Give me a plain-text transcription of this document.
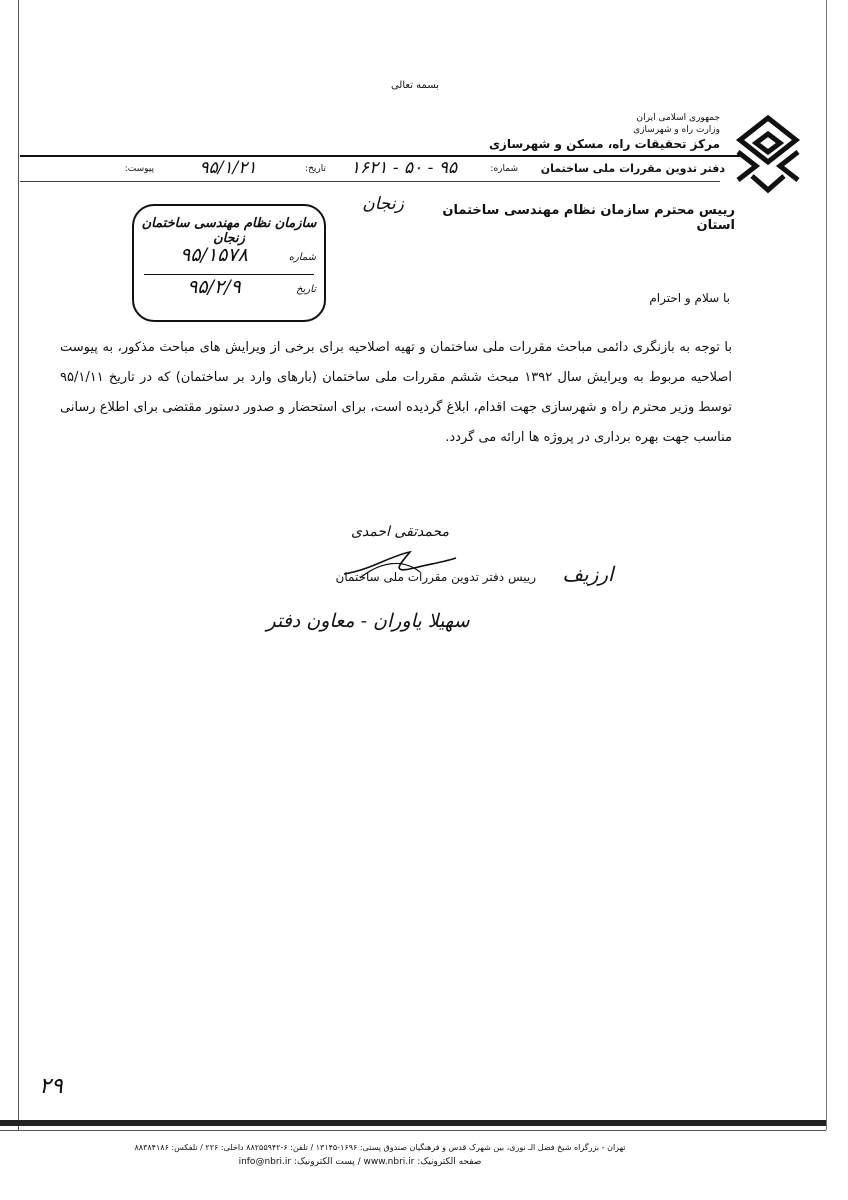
بسمه تعالی
جمهوری اسلامی ایران
وزارت راه و شهرسازی
مرکز تحقیقات راه، مسکن و شهرسازی
دفتر تدوین مقررات ملی ساختمان
شماره:
۹۵ - ۵۰ - ۱۶۲۱
تاریخ:
۹۵/۱/۲۱
پیوست:
رییس محترم سازمان نظام مهندسی ساختمان استان
زنجان
سازمان نظام مهندسی ساختمان زنجان
شماره
۹۵/۱۵۷۸
تاریخ
۹۵/۲/۹	با سلام و احترام
با توجه به بازنگری دائمی مباحث مقررات ملی ساختمان و تهیه اصلاحیه برای برخی از ویرایش های مباحث مذکور، به پیوست اصلاحیه مربوط به ویرایش سال ۱۳۹۲ مبحث ششم مقررات ملی ساختمان (بارهای وارد بر ساختمان) که در تاریخ ۹۵/۱/۱۱ توسط وزیر محترم راه و شهرسازی جهت اقدام، ابلاغ گردیده است، برای استحضار و صدور دستور مقتضی برای اطلاع رسانی مناسب جهت بهره برداری در پروژه ها ارائه می گردد.
محمدتقی احمدی
رییس دفتر تدوین مقررات ملی ساختمان	ارزیف
سهیلا یاوران - معاون دفتر
۲۹
تهران - بزرگراه شیخ فضل الـ نوری، بین شهرک قدس و فرهنگیان صندوق پستی: ۱۶۹۶-۱۳۱۴۵ / تلفن: ۶-۸۸۲۵۵۹۴۲ داخلی: ۲۲۶ / تلفکس: ۸۸۳۸۴۱۸۶
صفحه الکترونیک: www.nbri.ir / پست الکترونیک: info@nbri.ir
